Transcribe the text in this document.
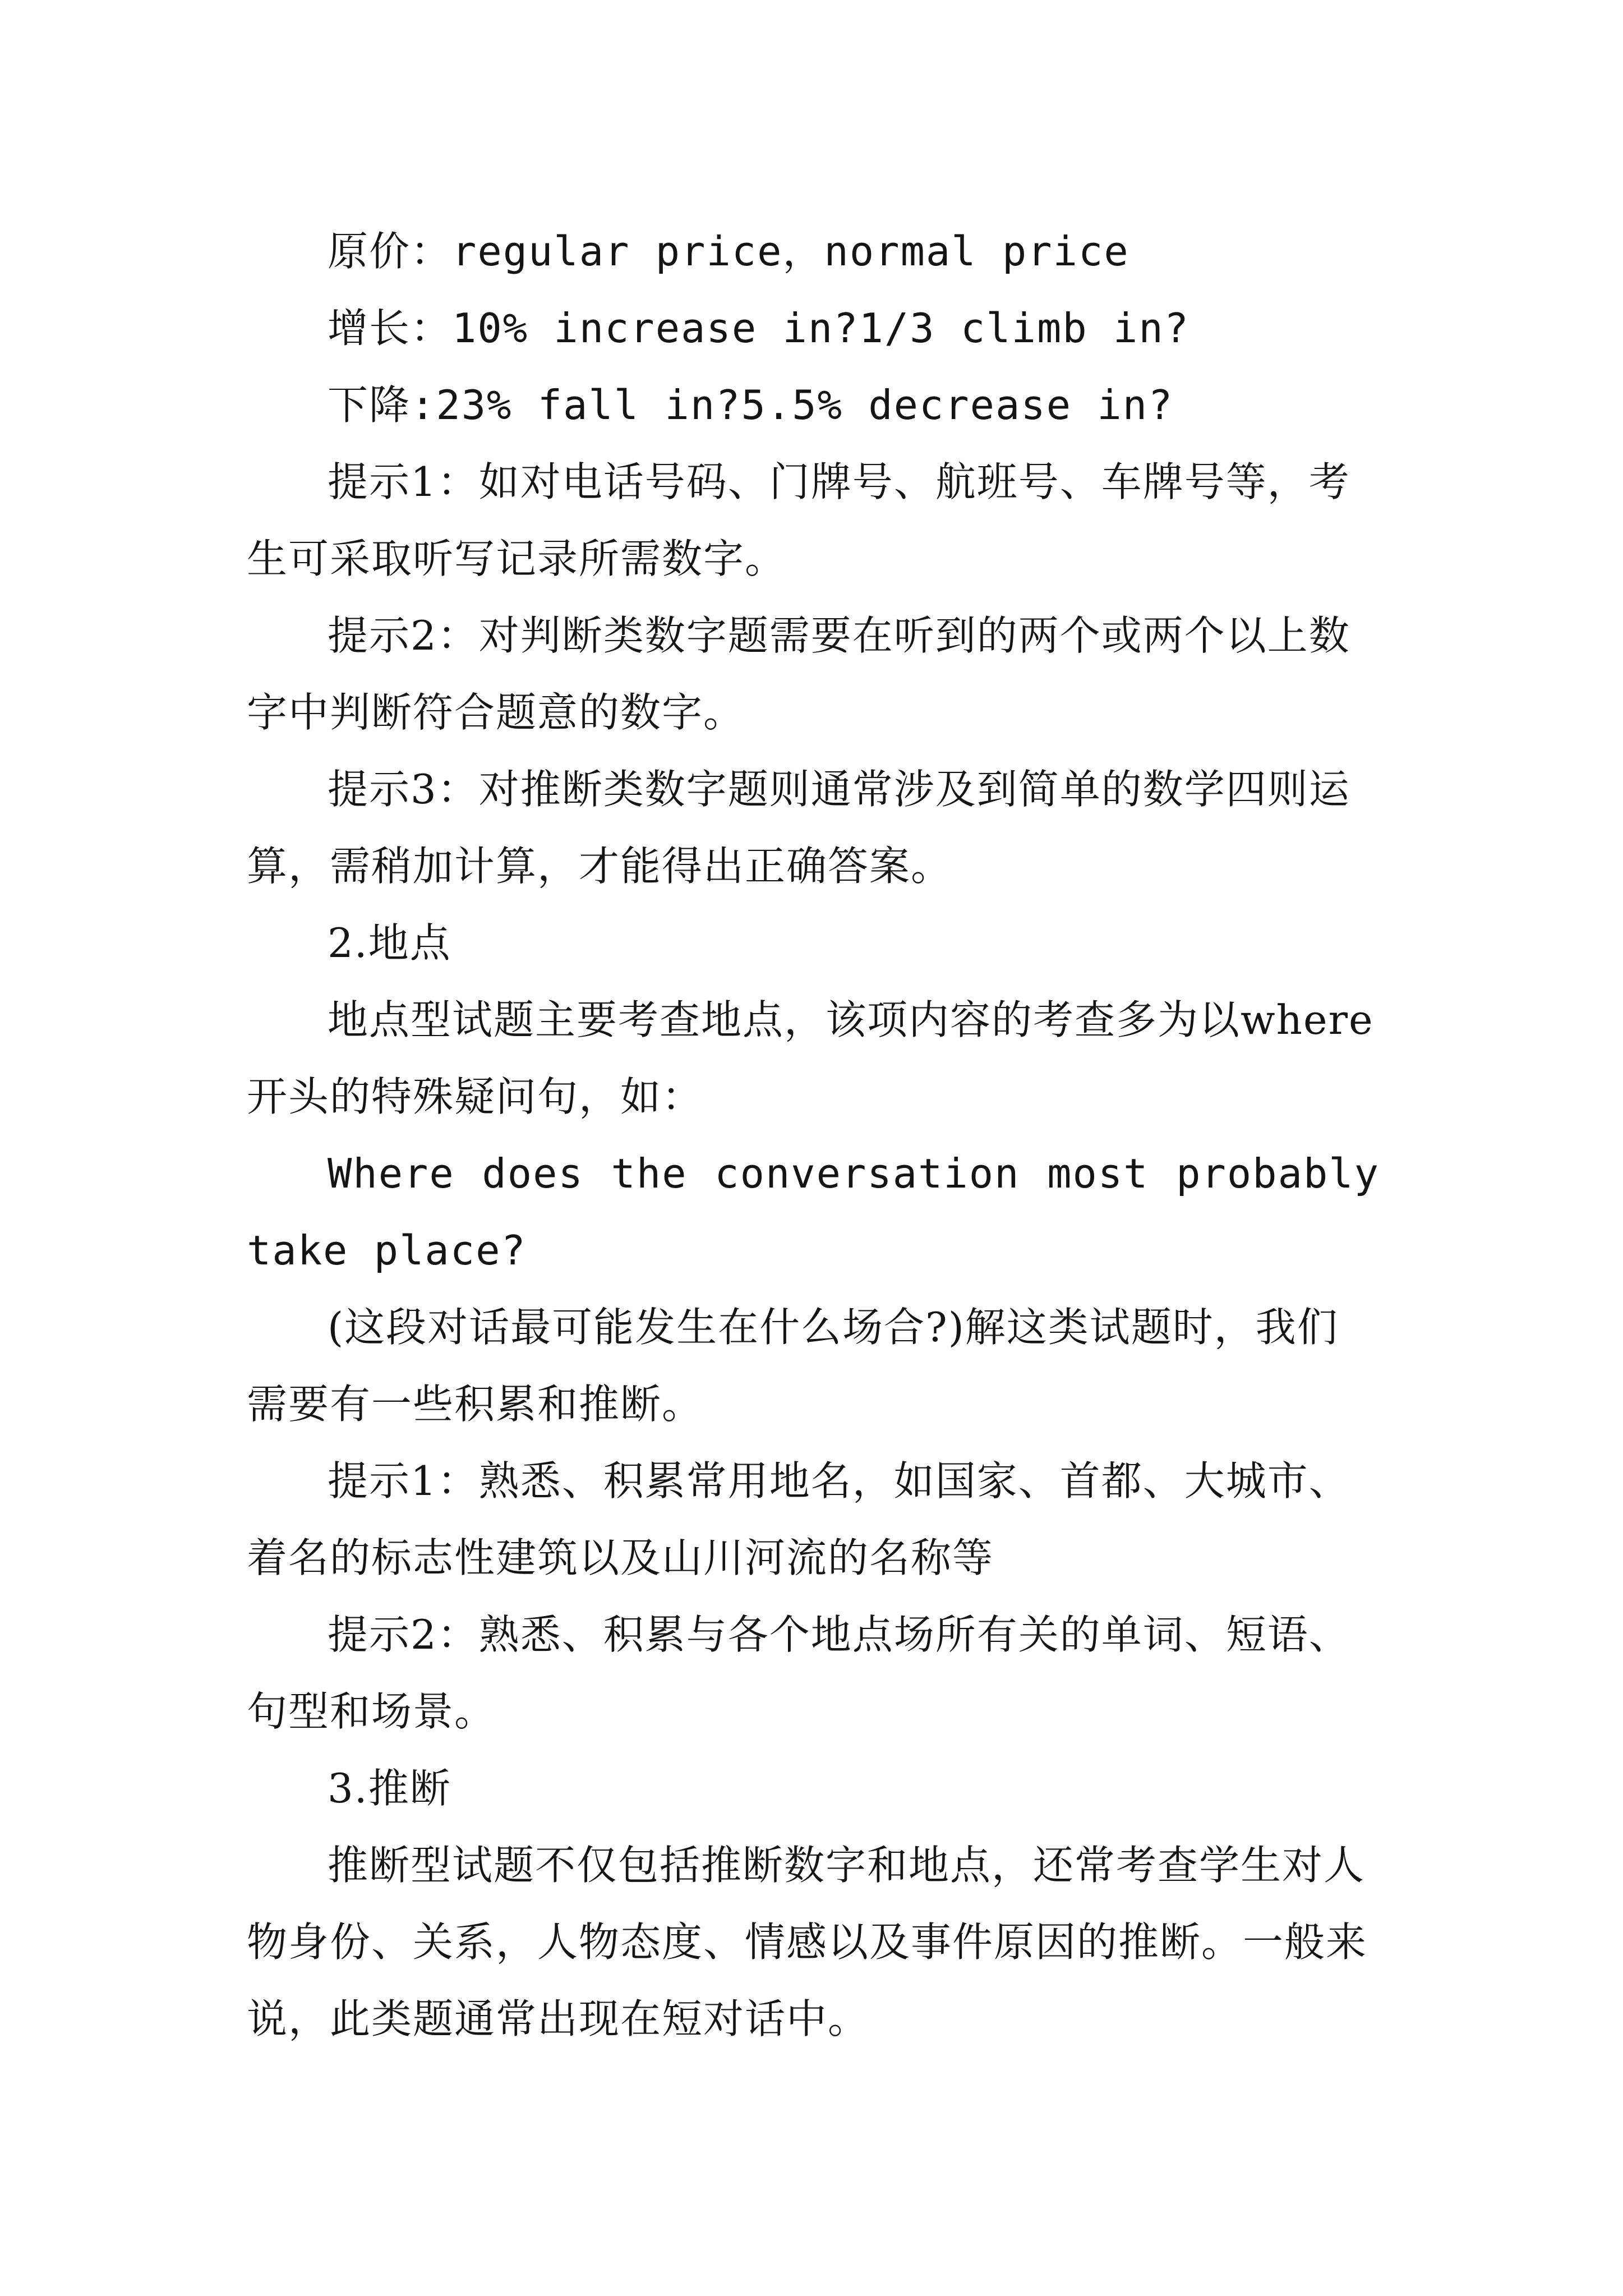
原价：regular price，normal price

增长：10% increase in?1/3 climb in?

下降:23% fall in?5.5% decrease in?

提示1：如对电话号码、门牌号、航班号、车牌号等，考生可采取听写记录所需数字。

提示2：对判断类数字题需要在听到的两个或两个以上数字中判断符合题意的数字。

提示3：对推断类数字题则通常涉及到简单的数学四则运算，需稍加计算，才能得出正确答案。

2.地点

地点型试题主要考查地点，该项内容的考查多为以where开头的特殊疑问句，如：

Where does the conversation most probably take place?

(这段对话最可能发生在什么场合?)解这类试题时，我们需要有一些积累和推断。

提示1：熟悉、积累常用地名，如国家、首都、大城市、着名的标志性建筑以及山川河流的名称等

提示2：熟悉、积累与各个地点场所有关的单词、短语、句型和场景。

3.推断

推断型试题不仅包括推断数字和地点，还常考查学生对人物身份、关系，人物态度、情感以及事件原因的推断。一般来说，此类题通常出现在短对话中。
